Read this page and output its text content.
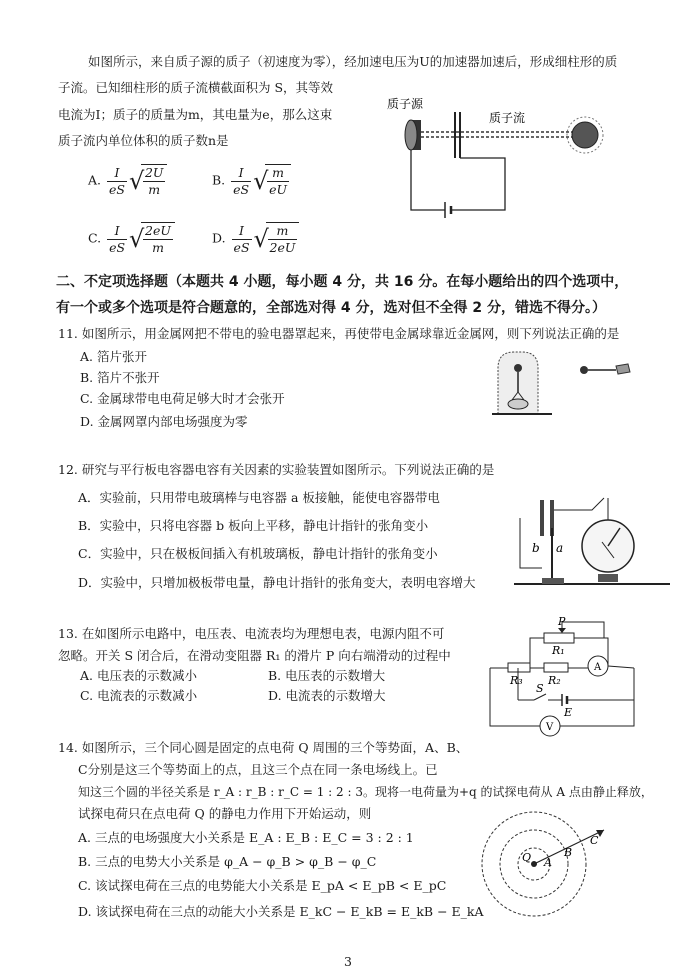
如图所示，来自质子源的质子（初速度为零），经加速电压为U的加速器加速后，形成细柱形的质
子流。已知细柱形的质子流横截面积为 S，其等效
电流为I；质子的质量为m，其电量为e，那么这束
质子流内单位体积的质子数n是
A. $\frac{I}{eS}$ √
$\frac{2U}{m}$	B. $\frac{I}{eS}$ √
$\frac{m}{eU}$
C. $\frac{I}{eS}$ √
$\frac{2eU}{m}$	D. $\frac{I}{eS}$ √
$\frac{m}{2eU}$
质子源
质子流
二、不定项选择题（本题共 4 小题，每小题 4 分，共 16 分。在每小题给出的四个选项中，
有一个或多个选项是符合题意的，全部选对得 4 分，选对但不全得 2 分，错选不得分。）
11. 如图所示，用金属网把不带电的验电器罩起来，再使带电金属球靠近金属网，则下列说法正确的是
A. 箔片张开
B. 箔片不张开
C. 金属球带电电荷足够大时才会张开
D. 金属网罩内部电场强度为零
12. 研究与平行板电容器电容有关因素的实验装置如图所示。下列说法正确的是
A．实验前，只用带电玻璃棒与电容器 a 板接触，能使电容器带电
B．实验中，只将电容器 b 板向上平移，静电计指针的张角变小
C．实验中，只在极板间插入有机玻璃板，静电计指针的张角变小
D．实验中，只增加极板带电量，静电计指针的张角变大，表明电容增大
b a
13. 在如图所示电路中，电压表、电流表均为理想电表，电源内阻不可
忽略。开关 S 闭合后，在滑动变阻器 R₁ 的滑片 P 向右端滑动的过程中
A. 电压表的示数减小	B. 电压表的示数增大
C. 电流表的示数减小	D. 电流表的示数增大
P
R₁
R₃ R₂
A
S
E
V
14. 如图所示，三个同心圆是固定的点电荷 Q 周围的三个等势面，A、B、
C分别是这三个等势面上的点，且这三个点在同一条电场线上。已
知这三个圆的半径关系是 r_A : r_B : r_C = 1 : 2 : 3。现将一电荷量为+q 的试探电荷从 A 点由静止释放，
试探电荷只在点电荷 Q 的静电力作用下开始运动，则
A. 三点的电场强度大小关系是 E_A : E_B : E_C = 3 : 2 : 1
B. 三点的电势大小关系是 φ_A − φ_B > φ_B − φ_C
C. 该试探电荷在三点的电势能大小关系是 E_pA < E_pB < E_pC
D. 该试探电荷在三点的动能大小关系是 E_kC − E_kB = E_kB − E_kA
Q A
B
C
3
